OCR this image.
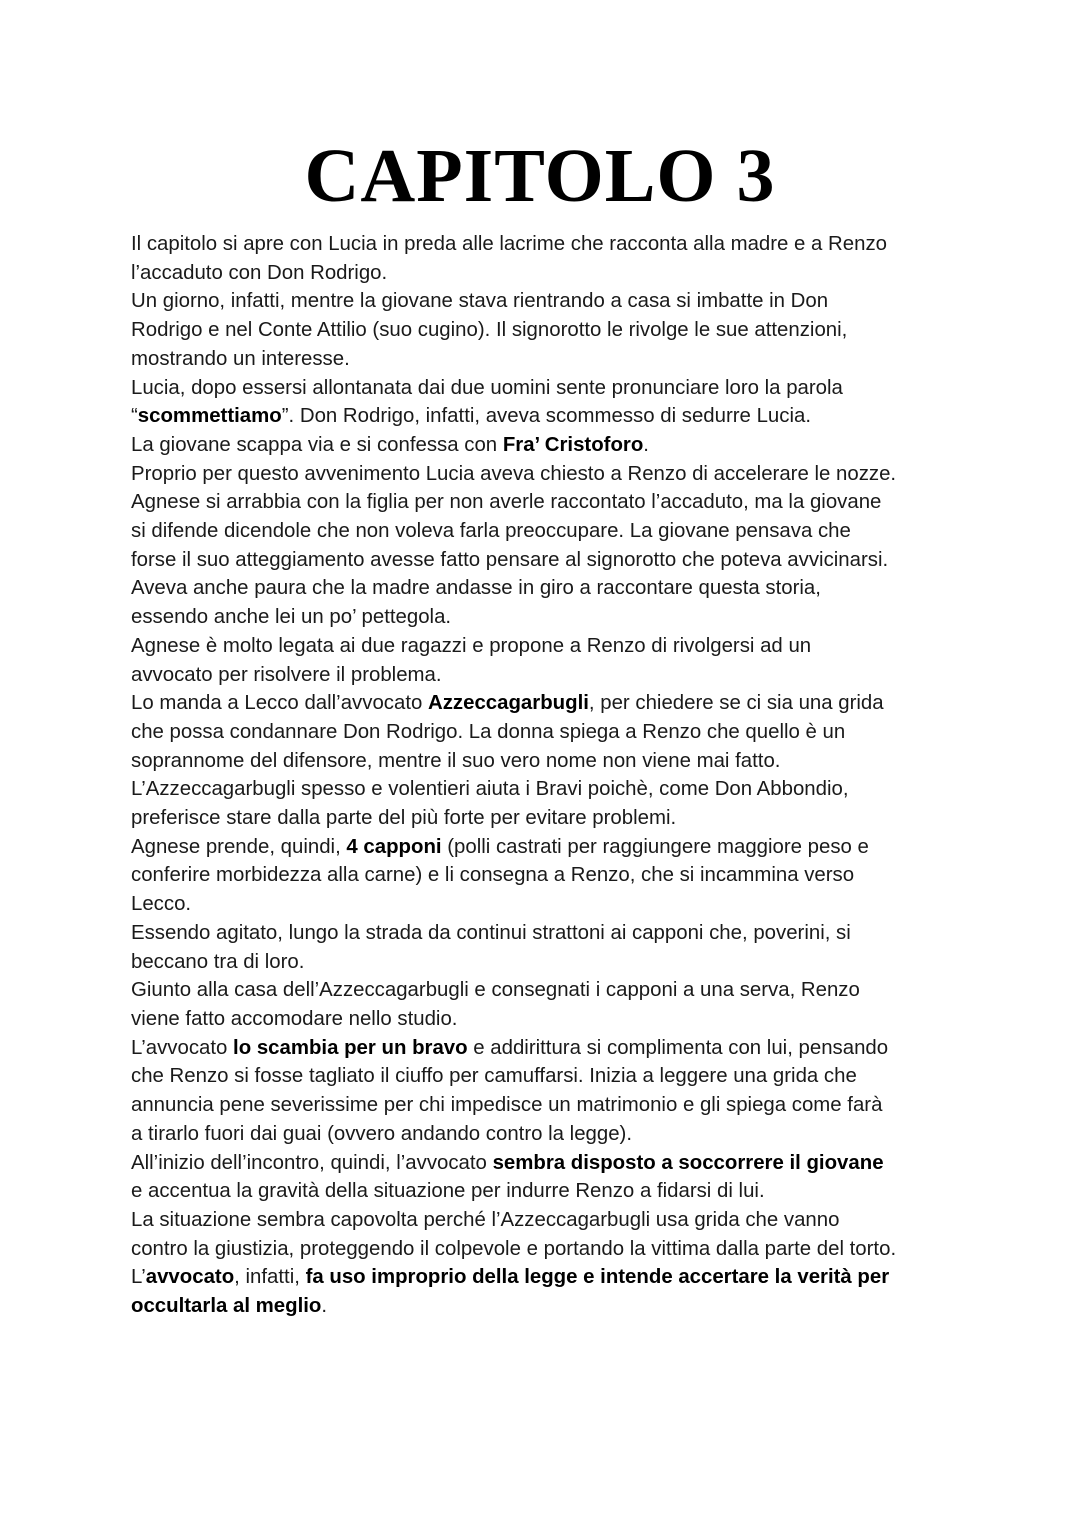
CAPITOLO 3

Il capitolo si apre con Lucia in preda alle lacrime che racconta alla madre e a Renzo
l’accaduto con Don Rodrigo.

Un giorno, infatti, mentre la giovane stava rientrando a casa si imbatte in Don
Rodrigo e nel Conte Attilio (suo cugino). Il signorotto le rivolge le sue attenzioni,
mostrando un interesse.

Lucia, dopo essersi allontanata dai due uomini sente pronunciare loro la parola
“scommettiamo”. Don Rodrigo, infatti, aveva scommesso di sedurre Lucia.

La giovane scappa via e si confessa con Fra’ Cristoforo.

Proprio per questo avvenimento Lucia aveva chiesto a Renzo di accelerare le nozze.

Agnese si arrabbia con la figlia per non averle raccontato l’accaduto, ma la giovane
si difende dicendole che non voleva farla preoccupare. La giovane pensava che
forse il suo atteggiamento avesse fatto pensare al signorotto che poteva avvicinarsi.
Aveva anche paura che la madre andasse in giro a raccontare questa storia,
essendo anche lei un po’ pettegola.

Agnese è molto legata ai due ragazzi e propone a Renzo di rivolgersi ad un
avvocato per risolvere il problema.

Lo manda a Lecco dall’avvocato Azzeccagarbugli, per chiedere se ci sia una grida
che possa condannare Don Rodrigo. La donna spiega a Renzo che quello è un
soprannome del difensore, mentre il suo vero nome non viene mai fatto.

L’Azzeccagarbugli spesso e volentieri aiuta i Bravi poichè, come Don Abbondio,
preferisce stare dalla parte del più forte per evitare problemi.

Agnese prende, quindi, 4 capponi (polli castrati per raggiungere maggiore peso e
conferire morbidezza alla carne) e li consegna a Renzo, che si incammina verso
Lecco.

Essendo agitato, lungo la strada da continui strattoni ai capponi che, poverini, si
beccano tra di loro.

Giunto alla casa dell’Azzeccagarbugli e consegnati i capponi a una serva, Renzo
viene fatto accomodare nello studio.

L’avvocato lo scambia per un bravo e addirittura si complimenta con lui, pensando
che Renzo si fosse tagliato il ciuffo per camuffarsi. Inizia a leggere una grida che
annuncia pene severissime per chi impedisce un matrimonio e gli spiega come farà
a tirarlo fuori dai guai (ovvero andando contro la legge).

All’inizio dell’incontro, quindi, l’avvocato sembra disposto a soccorrere il giovane
e accentua la gravità della situazione per indurre Renzo a fidarsi di lui.

La situazione sembra capovolta perché l’Azzeccagarbugli usa grida che vanno
contro la giustizia, proteggendo il colpevole e portando la vittima dalla parte del torto.

L’avvocato, infatti, fa uso improprio della legge e intende accertare la verità per
occultarla al meglio.
